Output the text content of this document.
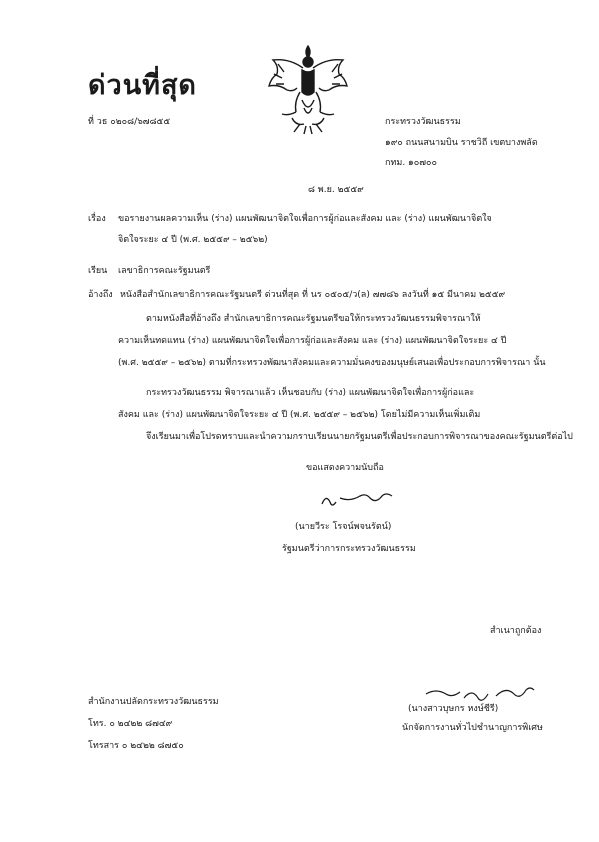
ด่วนที่สุด
ที่ วธ ๐๒๐๘/๖๗๘๕๕	กระทรวงวัฒนธรรม
๑๙๐ ถนนสนามบิน ราชวิถี เขตบางพลัด
กทม. ๑๐๗๐๐
๘ พ.ย. ๒๕๕๙
เรื่อง ขอรายงานผลความเห็น (ร่าง) แผนพัฒนาจิตใจเพื่อการผู้ก่อและสังคม และ (ร่าง) แผนพัฒนาจิตใจ
จิตใจระยะ ๔ ปี (พ.ศ. ๒๕๕๙ – ๒๕๖๒)
เรียน เลขาธิการคณะรัฐมนตรี
อ้างถึง หนังสือสำนักเลขาธิการคณะรัฐมนตรี ด่วนที่สุด ที่ นร ๐๕๐๕/ว(ล) ๗๗๘๖ ลงวันที่ ๑๕ มีนาคม ๒๕๕๙
ตามหนังสือที่อ้างถึง สำนักเลขาธิการคณะรัฐมนตรีขอให้กระทรวงวัฒนธรรมพิจารณาให้
ความเห็นทดแทน (ร่าง) แผนพัฒนาจิตใจเพื่อการผู้ก่อและสังคม และ (ร่าง) แผนพัฒนาจิตใจระยะ ๔ ปี
(พ.ศ. ๒๕๕๙ – ๒๕๖๒) ตามที่กระทรวงพัฒนาสังคมและความมั่นคงของมนุษย์เสนอเพื่อประกอบการพิจารณา นั้น
กระทรวงวัฒนธรรม พิจารณาแล้ว เห็นชอบกับ (ร่าง) แผนพัฒนาจิตใจเพื่อการผู้ก่อและ
สังคม และ (ร่าง) แผนพัฒนาจิตใจระยะ ๔ ปี (พ.ศ. ๒๕๕๙ – ๒๕๖๒) โดยไม่มีความเห็นเพิ่มเติม
จึงเรียนมาเพื่อโปรดทราบและนำความกราบเรียนนายกรัฐมนตรีเพื่อประกอบการพิจารณาของคณะรัฐมนตรีต่อไป
ขอแสดงความนับถือ
(นายวีระ โรจน์พจนรัตน์)
รัฐมนตรีว่าการกระทรวงวัฒนธรรม
สำเนาถูกต้อง
(นางสาวบุษกร หงษ์ชีรี)
นักจัดการงานทั่วไปชำนาญการพิเศษ
สำนักงานปลัดกระทรวงวัฒนธรรม
โทร. ๐ ๒๔๒๒ ๘๗๔๙
โทรสาร ๐ ๒๔๒๒ ๘๗๕๐
